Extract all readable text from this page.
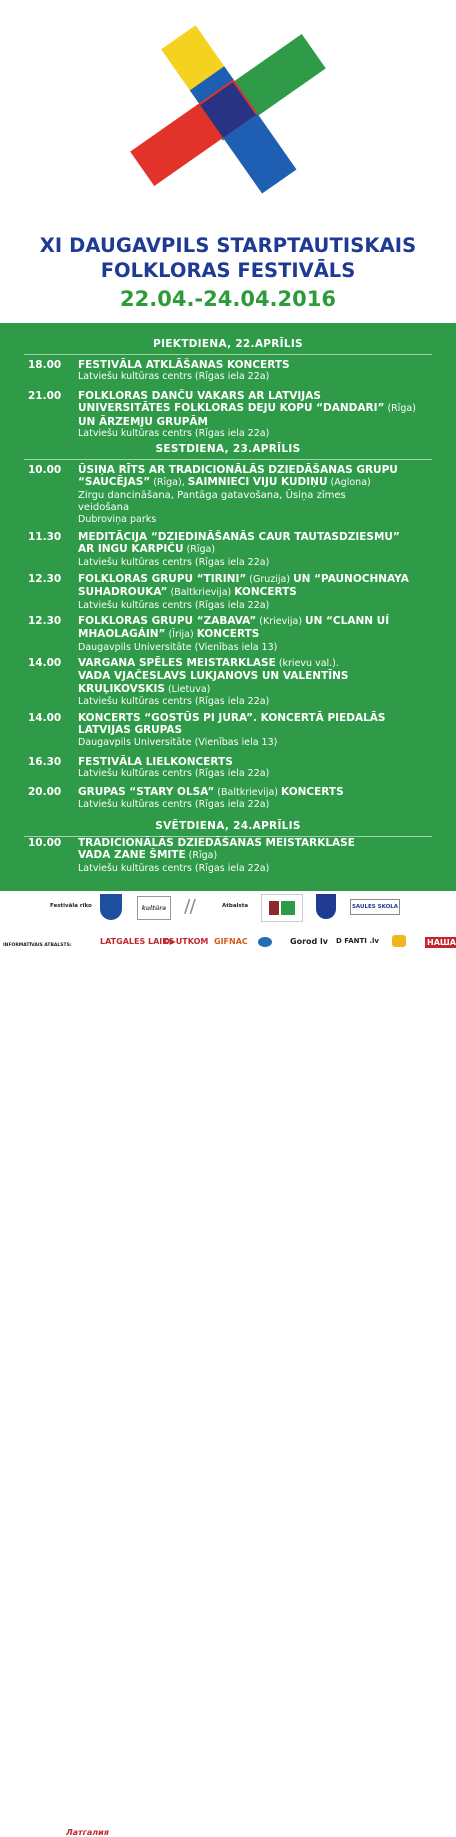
XI DAUGAVPILS STARPTAUTISKAIS
FOLKLORAS FESTIVĀLS
22.04.-24.04.2016
PIEKTDIENA, 22.APRĪLIS
18.00 FESTIVĀLA ATKLĀŠANAS KONCERTS
Latviešu kultūras centrs (Rīgas iela 22a)
21.00 FOLKLORAS DANČU VAKARS AR LATVIJAS
UNIVERSITĀTES FOLKLORAS DEJU KOPU “DANDARI” (Rīga)
UN ĀRZEMJU GRUPĀM
Latviešu kultūras centrs (Rīgas iela 22a)
SESTDIENA, 23.APRĪLIS
10.00 ŪSIŅA RĪTS AR TRADICIONĀLĀS DZIEDĀŠANAS GRUPU
“SAUCĒJAS” (Rīga), SAIMNIECI VIJU KUDIŅU (Aglona)
Zirgu dancināšana, Pantāga gatavošana, Ūsiņa zīmes
veidošana
Dubroviņa parks
11.30 MEDITĀCIJA “DZIEDINĀŠANĀS CAUR TAUTASDZIESMU”
AR INGU KARPIČU (Rīga)
Latviešu kultūras centrs (Rīgas iela 22a)
12.30 FOLKLORAS GRUPU “TIRINI” (Gruzija) UN “PAUNOCHNAYA
SUHADROUKA” (Baltkrievija) KONCERTS
Latviešu kultūras centrs (Rīgas iela 22a)
12.30 FOLKLORAS GRUPU “ZABAVA” (Krievija) UN “CLANN UÍ
MHAOLAGÁIN” (Īrija) KONCERTS
Daugavpils Universitāte (Vienības iela 13)
14.00 VARGANA SPĒLES MEISTARKLASE (krievu val.).
VADA VJAČESLAVS LUKJANOVS UN VALENTĪNS
KRUĻIKOVSKIS (Lietuva)
Latviešu kultūras centrs (Rīgas iela 22a)
14.00 KONCERTS “GOSTŪS PI JURA”. KONCERTĀ PIEDALĀS
LATVIJAS GRUPAS
Daugavpils Universitāte (Vienības iela 13)
16.30 FESTIVĀLA LIELKONCERTS
Latviešu kultūras centrs (Rīgas iela 22a)
20.00 GRUPAS “STARY OLSA” (Baltkrievija) KONCERTS
Latviešu kultūras centrs (Rīgas iela 22a)
SVĒTDIENA, 24.APRĪLIS
10.00 TRADICIONĀLĀS DZIEDĀŠANAS MEISTARKLASE
VADA ZANE ŠMITE (Rīga)
Latviešu kultūras centrs (Rīgas iela 22a)
Festivāla rīko	kultūra ⧸⧸	Atbalsta	SAULES SKOLA
INFORMATĪVAIS ATBALSTS:
Латгалия
LATGALES LAIKS
D▶UTKOM GIFNAC	Gorod lv D FANTI .lv	НАША
